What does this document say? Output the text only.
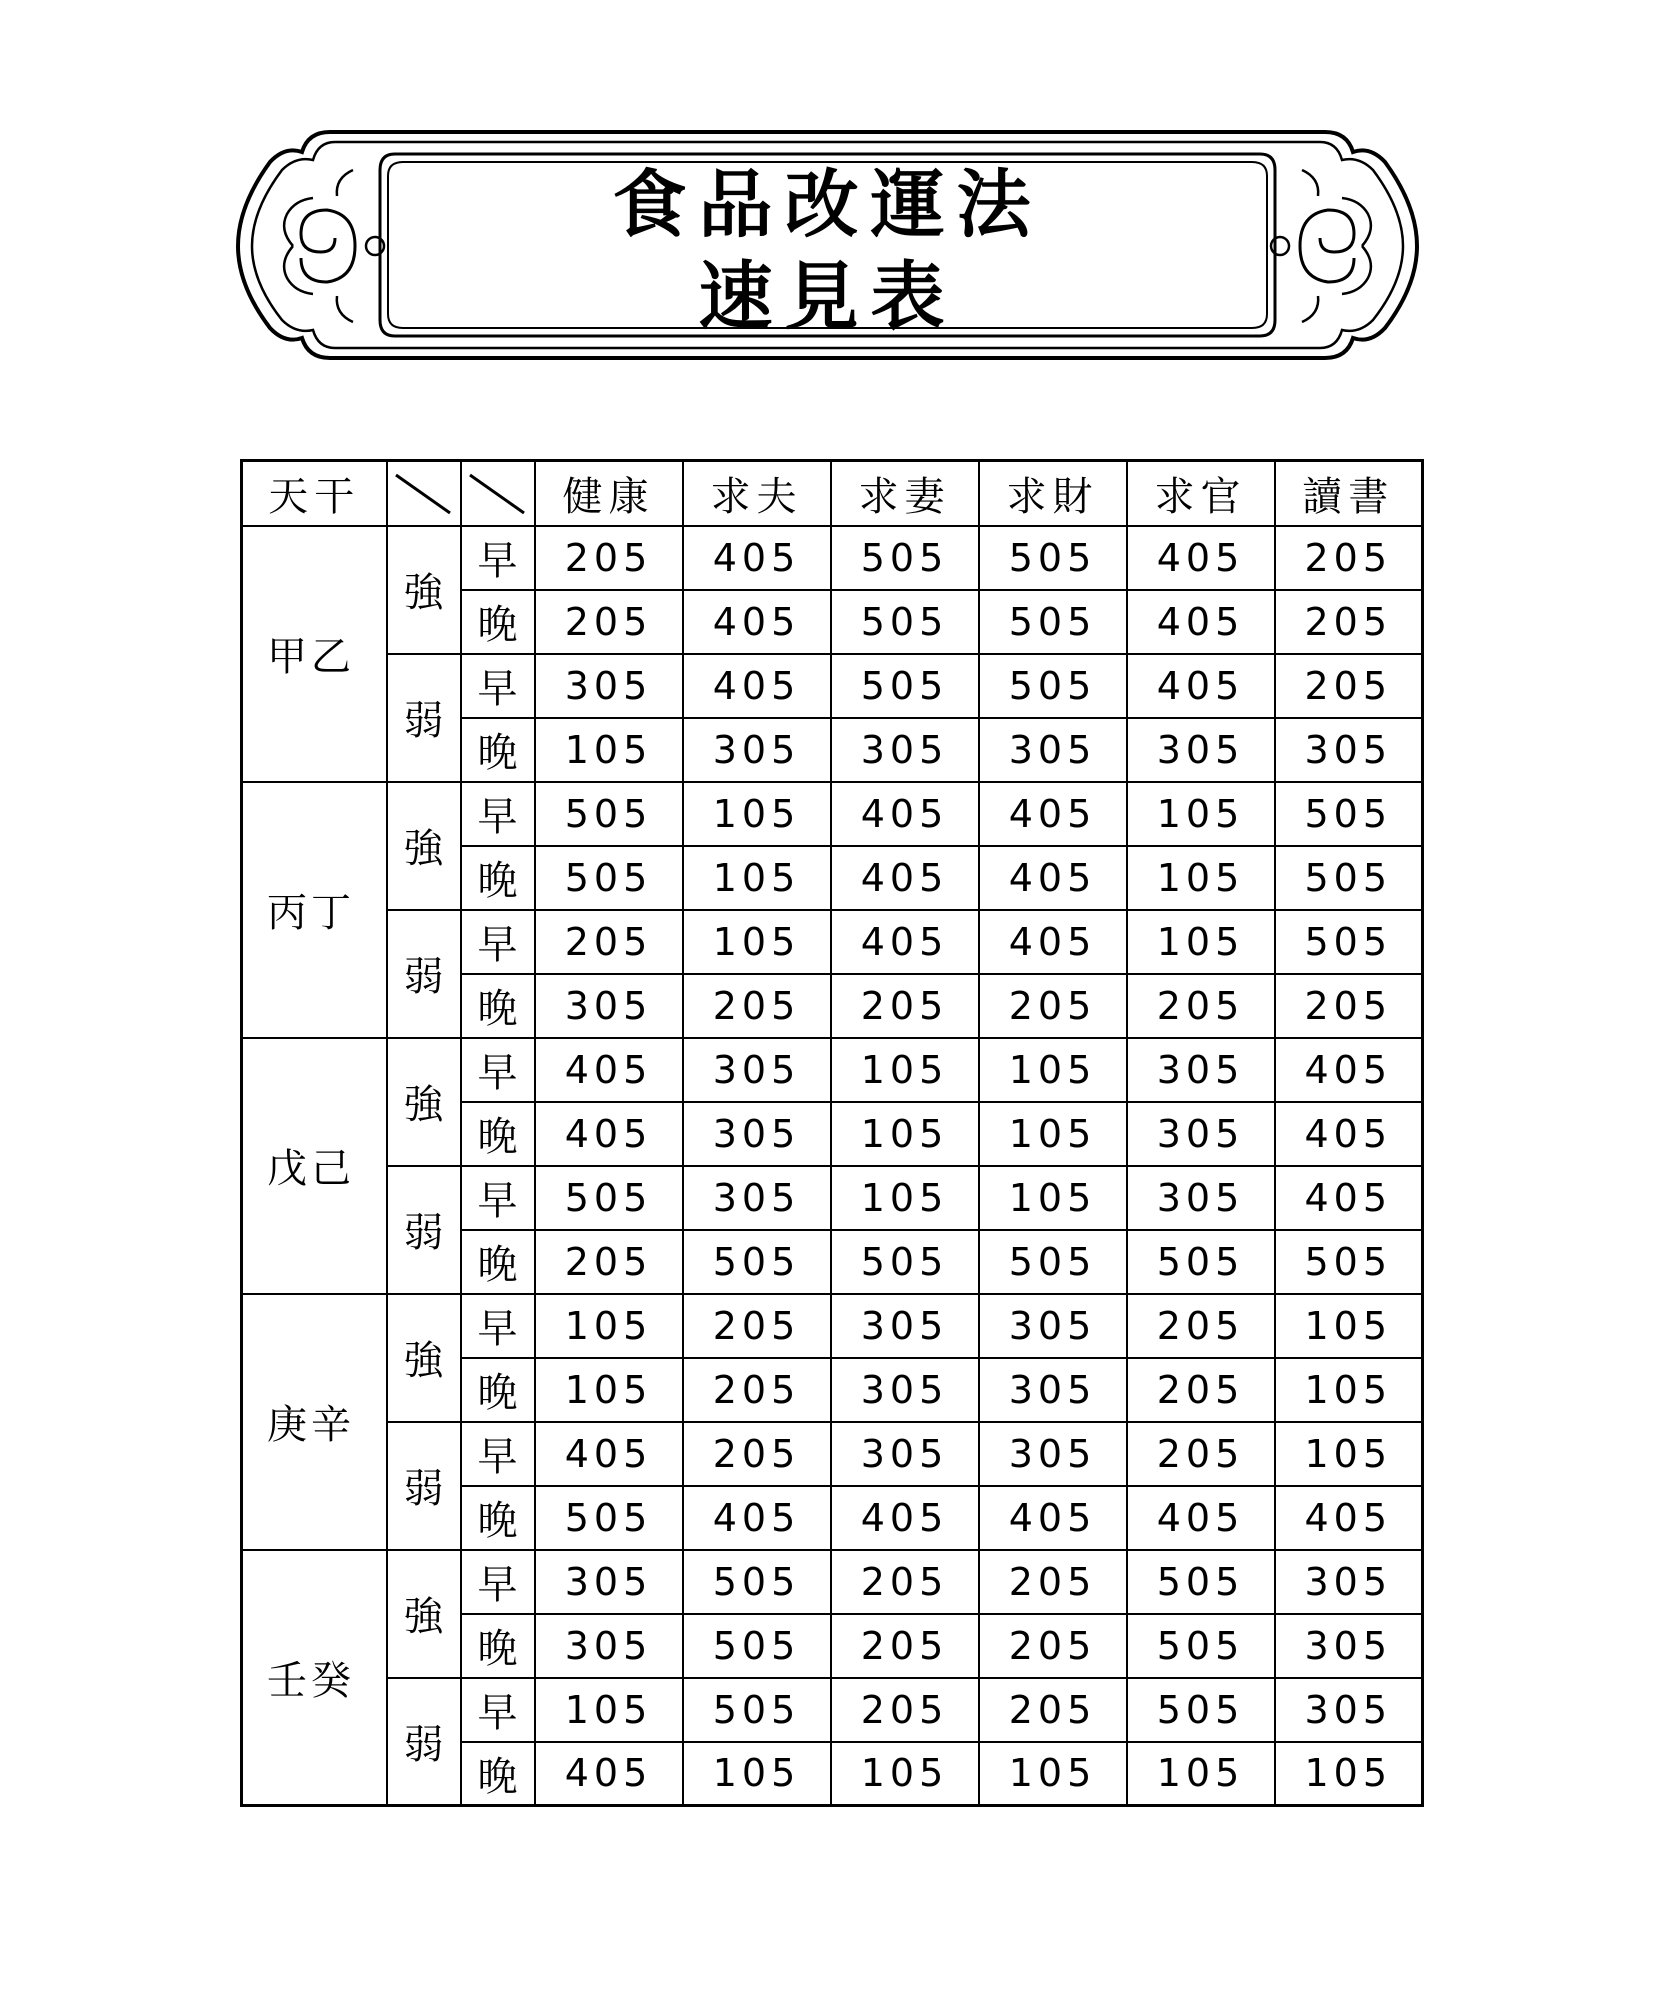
食品改運法
速見表
天干			健康	求夫	求妻	求財	求官	讀書
甲乙	強	早	205	405	505	505	405	205
		晚	205	405	505	505	405	205
	弱	早	305	405	505	505	405	205
		晚	105	305	305	305	305	305
丙丁	強	早	505	105	405	405	105	505
		晚	505	105	405	405	105	505
	弱	早	205	105	405	405	105	505
		晚	305	205	205	205	205	205
戊己	強	早	405	305	105	105	305	405
		晚	405	305	105	105	305	405
	弱	早	505	305	105	105	305	405
		晚	205	505	505	505	505	505
庚辛	強	早	105	205	305	305	205	105
		晚	105	205	305	305	205	105
	弱	早	405	205	305	305	205	105
		晚	505	405	405	405	405	405
壬癸	強	早	305	505	205	205	505	305
		晚	305	505	205	205	505	305
	弱	早	105	505	205	205	505	305
		晚	405	105	105	105	105	105
